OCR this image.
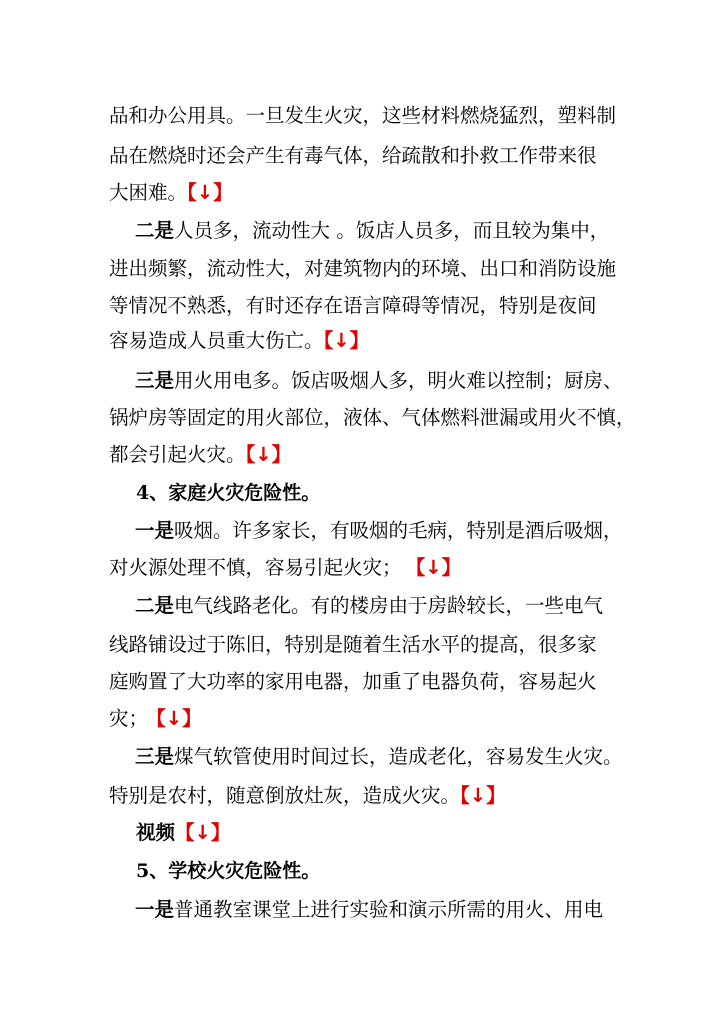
品和办公用具。一旦发生火灾，这些材料燃烧猛烈，塑料制
品在燃烧时还会产生有毒气体，给疏散和扑救工作带来很
大困难。【↓】
二是人员多，流动性大 。饭店人员多，而且较为集中，
进出频繁，流动性大，对建筑物内的环境、出口和消防设施
等情况不熟悉，有时还存在语言障碍等情况，特别是夜间
容易造成人员重大伤亡。【↓】
三是用火用电多。饭店吸烟人多，明火难以控制；厨房、
锅炉房等固定的用火部位，液体、气体燃料泄漏或用火不慎，
都会引起火灾。【↓】
4、家庭火灾危险性。
一是吸烟。许多家长，有吸烟的毛病，特别是酒后吸烟，
对火源处理不慎，容易引起火灾； 【↓】
二是电气线路老化。有的楼房由于房龄较长，一些电气
线路铺设过于陈旧，特别是随着生活水平的提高，很多家
庭购置了大功率的家用电器，加重了电器负荷，容易起火
灾； 【↓】
三是煤气软管使用时间过长，造成老化，容易发生火灾。
特别是农村，随意倒放灶灰，造成火灾。【↓】
视频【↓】
5、学校火灾危险性。
一是普通教室课堂上进行实验和演示所需的用火、用电
